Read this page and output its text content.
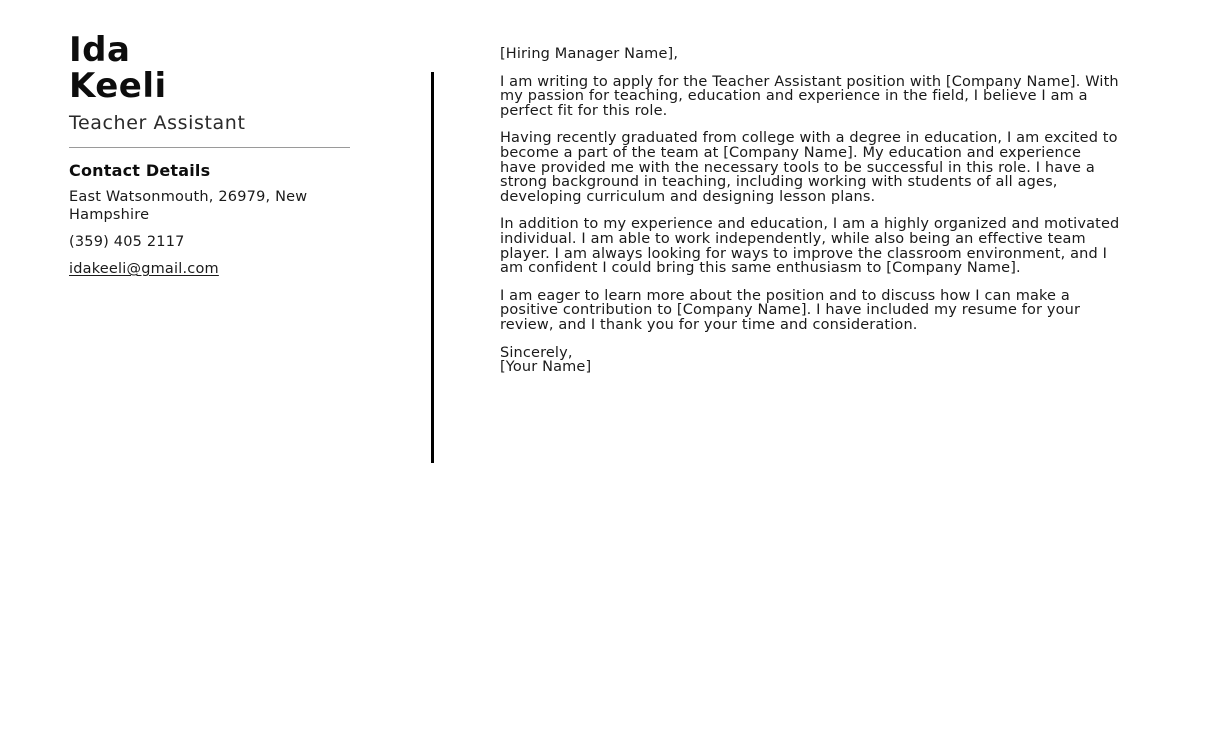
Ida
Keeli
Teacher Assistant
Contact Details
East Watsonmouth, 26979, New Hampshire
(359) 405 2117
idakeeli@gmail.com

[Hiring Manager Name],

I am writing to apply for the Teacher Assistant position with [Company Name]. With my passion for teaching, education and experience in the field, I believe I am a perfect fit for this role.

Having recently graduated from college with a degree in education, I am excited to become a part of the team at [Company Name]. My education and experience have provided me with the necessary tools to be successful in this role. I have a strong background in teaching, including working with students of all ages, developing curriculum and designing lesson plans.

In addition to my experience and education, I am a highly organized and motivated individual. I am able to work independently, while also being an effective team player. I am always looking for ways to improve the classroom environment, and I am confident I could bring this same enthusiasm to [Company Name].

I am eager to learn more about the position and to discuss how I can make a positive contribution to [Company Name]. I have included my resume for your review, and I thank you for your time and consideration.

Sincerely,
[Your Name]
